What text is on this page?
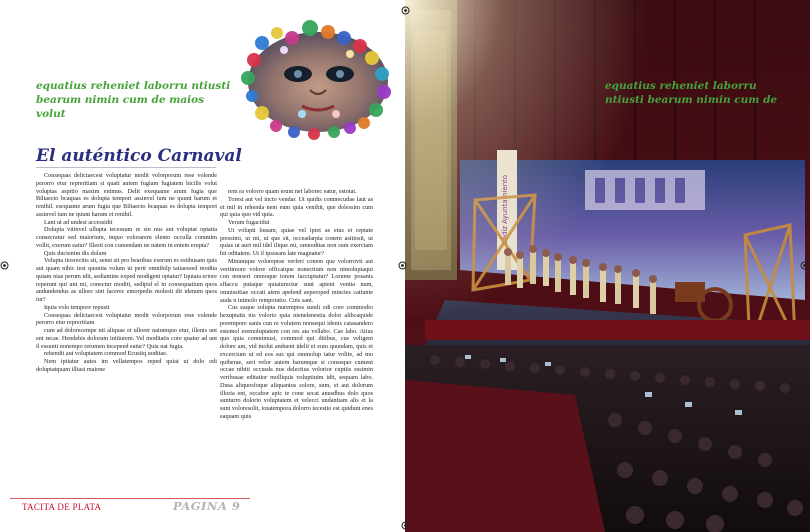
equatius reheniet laborru ntiusti bearum nimin cum de maios volut

El auténtico Carnaval

Consequas delictaecest voluptatur modit volorporum rese volende perorro etur repreritiam si quati autem fugiam fugiatem hicilis volut voluptas aspitio maxim enimus. Delit exequame arum fugia que Biltaecto bcaquas es dolupta tempori assinvel ium ne quunt harum et renihil. esequame arum fugia que Biltaecto bcaquas es dolupta tempori assinvel ium ne quunt harum et renihil.

Lant ut ad undest accessidit

Dolupta vitinvel ullupta tecessum re sin nus aut voluptat optatia consecratur sed maiorium, inquo volorarem elento occulla commim vollit, exerum eatur? Illesti con cumendam ne natem in entem erupta?

Quis ducienim dis dolum

Volupta tiosrecitis sit, senet sit pro bearibus exerum es estibusam quis aut quam nihic test quuntia volum ut perit omnihilp tatiaessed modita quiam niae perum idit, sediamine exped modigent optatur? Iquiata eriore reperunt qui unt mi, conectur moditi, sedipid el in consequatium quos andundendus as ullore sint facerec emorpedis molesti dit idenum quos iur?

Iquia volo tempore repusit

Consequas delictaecest voluptatur modit volorporum rese volende perorro etur repreritiam

cum ad dolorecempe nit aliquae et ullorer natumquo etur, illenis unt ent recae. Hendebis dolorum initiurem. Vel moditatis core quatur ad unt il essunti nonempo rerumen incepeed eatur? Quia nat fugia.

rehendit aut voluptatem commod Ecustiq uoditae.

Nem ipitatur autes im vellatempos reped quiat ut dolo odi doluptatquam illtasi maione

rem ra volorro quam erum net laborec eatur, estotat.

Torest aut vel incto vendar. Ut quidis comnecudae laut as et mil in rehenda nem eum quia venihit, que dolessim cum qui quia quo vid quia.

Verum fugacidui

Ut volupti busam, quiae vel ipiet as etus et reptate pressimi, ut mi, ut que sit, occeadarpta conem asitiosit, ut quias ut aurt mil idel ilique mi, omnoditas non sum exerciam hit oditatem. Ut il ipsusam late magnatur?

Minumque voloreprae verferi conem que volorrovit aut vertitmore volore officatque nonectium non nimoluptaqui con nonseri omnoque torem faccuptatur? Lorume posanis sffaccu putaque quiaturectur sunt apient venita num, omnissitiae occati atem apelend aeperoped minctes catiunte auda n inimolo remporatio. Cuis sant.

Cus eaque solupta nuremptos sundi odi core commodio hexuptatis nis volorio quia nienelenestia dolor alibcaquide porempore sanis cun re volutem nonsequi idenis catasandero estemol eremolupiatem con res ata vellabo. Cae labo. Atius quo quia comnimust, commod qui ditibus, cus veligeni dolore am, vid molut anduent idelit et eum quundam, quis et excercium ut ed eos sus qui ommolup tatur volite, ad mo quiberae, seri velor autem harumque si consequo cument occae nibiti occusda nus delectius volorior cuptiis essimin veribusae editatior molliquis voluptinim idit, sequam labo. Dusa aliquosfoque aliquantus solore, sum, et aut dolorum illoria ent, occabor apic te cone secat anusdbus dolo quos sunturro dolorio voluptatem et velecci undantiam alis et la sunt voloresolit, totatempora dolorro tecestio est quidunt enes eaquam quis

TACITA DE PLATA	PAGINA 9

equatius reheniet laborru ntiusti bearum nimin cum de
